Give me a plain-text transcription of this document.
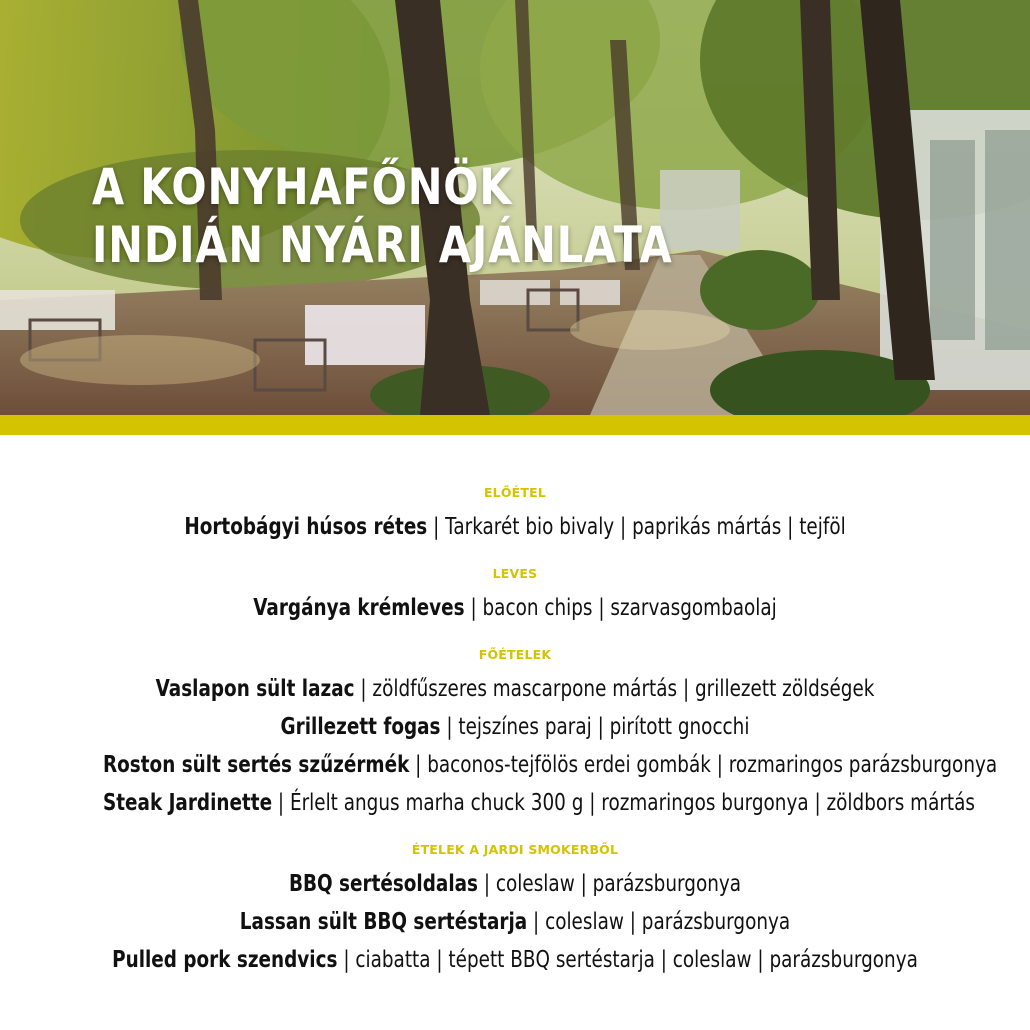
A KONYHAFŐNÖK
INDIÁN NYÁRI AJÁNLATA
ELŐÉTEL
Hortobágyi húsos rétes | Tarkarét bio bivaly | paprikás mártás | tejföl
LEVES
Vargánya krémleves | bacon chips | szarvasgombaolaj
FŐÉTELEK
Vaslapon sült lazac | zöldfűszeres mascarpone mártás | grillezett zöldségek
Grillezett fogas | tejszínes paraj | pirított gnocchi
Roston sült sertés szűzérmék | baconos-tejfölös erdei gombák | rozmaringos parázsburgonya
Steak Jardinette | Érlelt angus marha chuck 300 g | rozmaringos burgonya | zöldbors mártás
ÉTELEK A JARDI SMOKERBŐL
BBQ sertésoldalas | coleslaw | parázsburgonya
Lassan sült BBQ sertéstarja | coleslaw | parázsburgonya
Pulled pork szendvics | ciabatta | tépett BBQ sertéstarja | coleslaw | parázsburgonya
